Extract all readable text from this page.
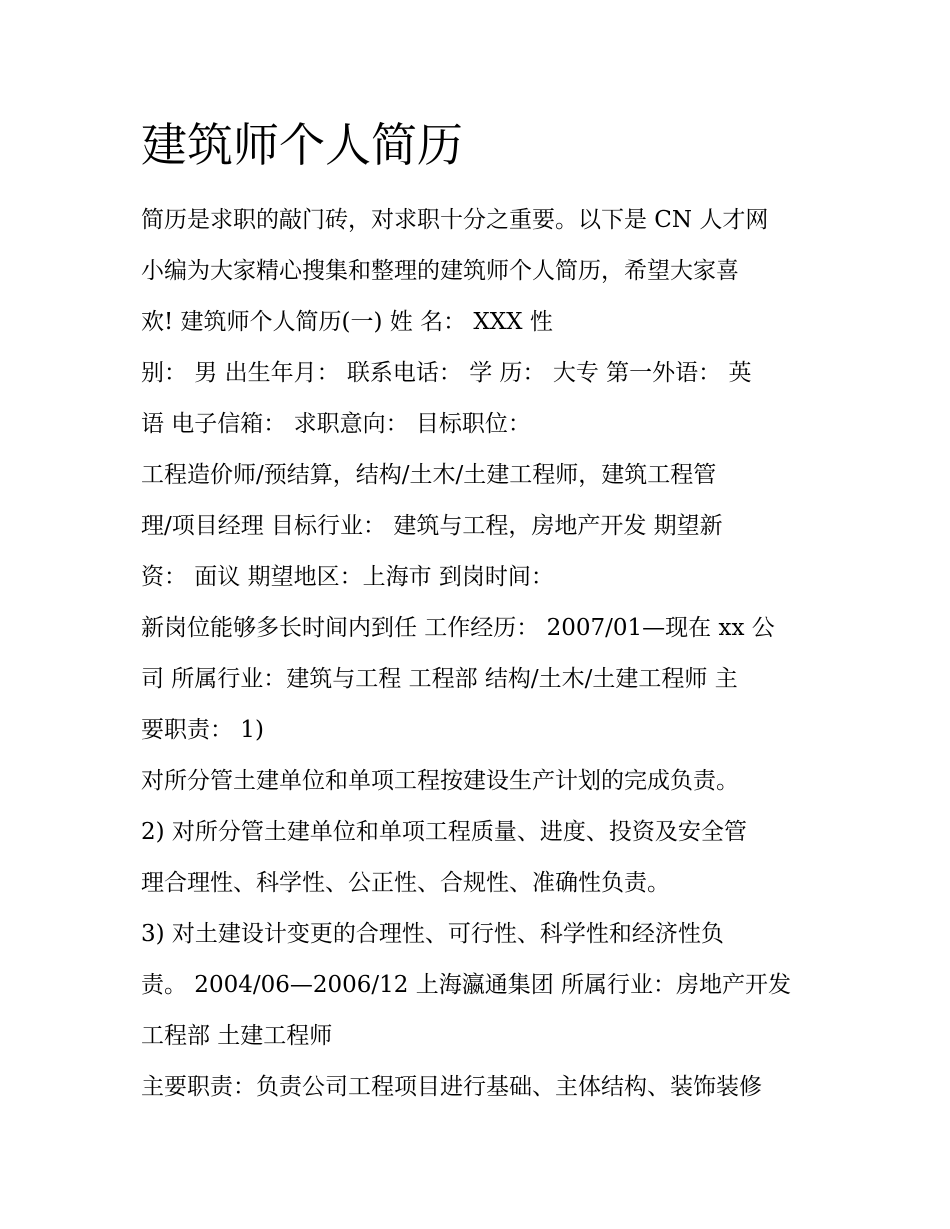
建筑师个人简历

简历是求职的敲门砖，对求职十分之重要。以下是 CN 人才网

小编为大家精心搜集和整理的建筑师个人简历，希望大家喜

欢! 建筑师个人简历(一) 姓 名： XXX 性

别： 男 出生年月： 联系电话： 学 历： 大专 第一外语： 英

语 电子信箱： 求职意向： 目标职位：

工程造价师/预结算，结构/土木/土建工程师，建筑工程管

理/项目经理 目标行业： 建筑与工程，房地产开发 期望新

资： 面议 期望地区：上海市 到岗时间：

新岗位能够多长时间内到任 工作经历： 2007/01—现在 xx 公

司 所属行业：建筑与工程 工程部 结构/土木/土建工程师 主

要职责： 1)

对所分管土建单位和单项工程按建设生产计划的完成负责。

2) 对所分管土建单位和单项工程质量、进度、投资及安全管

理合理性、科学性、公正性、合规性、准确性负责。

3) 对土建设计变更的合理性、可行性、科学性和经济性负

责。 2004/06—2006/12 上海瀛通集团 所属行业：房地产开发

工程部 土建工程师

主要职责：负责公司工程项目进行基础、主体结构、装饰装修
